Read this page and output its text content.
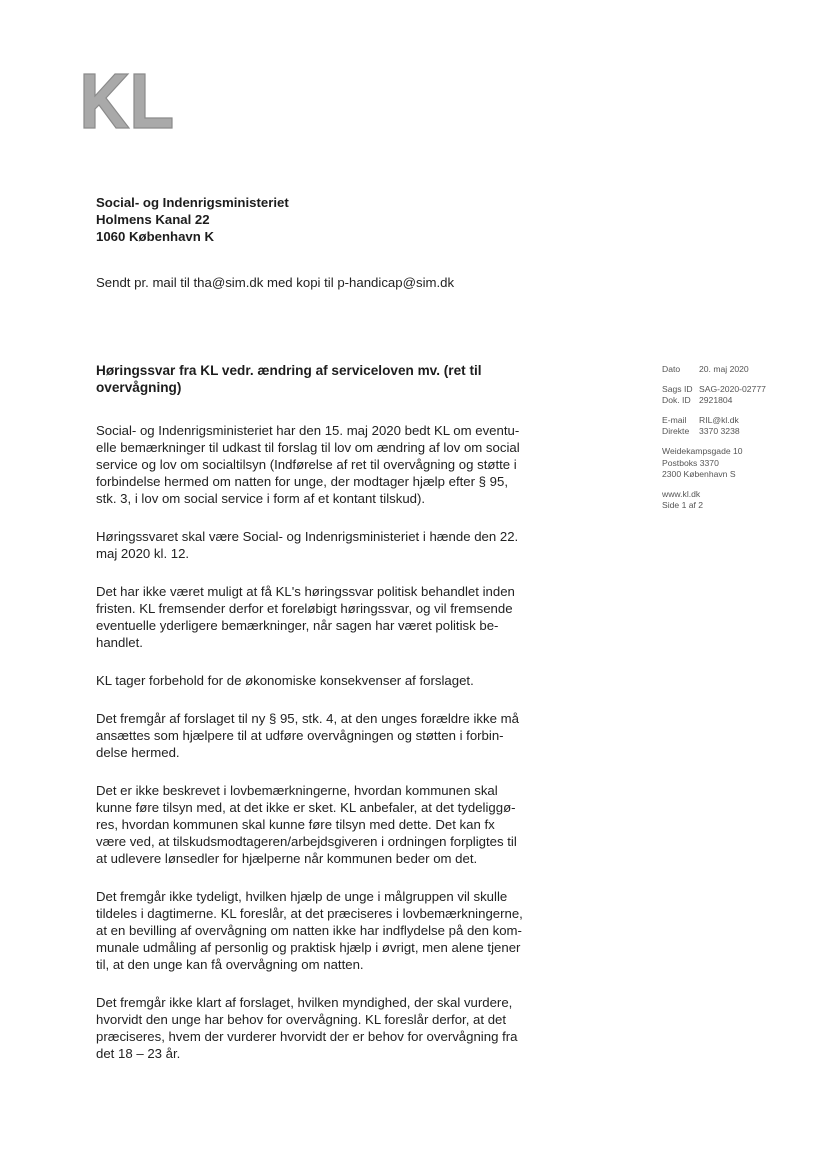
Social- og Indenrigsministeriet
Holmens Kanal 22
1060 København K
Sendt pr. mail til tha@sim.dk med kopi til p-handicap@sim.dk
Høringssvar fra KL vedr. ændring af serviceloven mv. (ret til
overvågning)
Dato 20. maj 2020
Sags ID SAG-2020-02777
Dok. ID 2921804
E-mail RIL@kl.dk
Direkte 3370 3238
Weidekampsgade 10
Postboks 3370
2300 København S
www.kl.dk
Side 1 af 2

Social- og Indenrigsministeriet har den 15. maj 2020 bedt KL om eventu-
elle bemærkninger til udkast til forslag til lov om ændring af lov om social
service og lov om socialtilsyn (Indførelse af ret til overvågning og støtte i
forbindelse hermed om natten for unge, der modtager hjælp efter § 95,
stk. 3, i lov om social service i form af et kontant tilskud).

Høringssvaret skal være Social- og Indenrigsministeriet i hænde den 22.
maj 2020 kl. 12.

Det har ikke været muligt at få KL's høringssvar politisk behandlet inden
fristen. KL fremsender derfor et foreløbigt høringssvar, og vil fremsende
eventuelle yderligere bemærkninger, når sagen har været politisk be-
handlet.

KL tager forbehold for de økonomiske konsekvenser af forslaget.

Det fremgår af forslaget til ny § 95, stk. 4, at den unges forældre ikke må
ansættes som hjælpere til at udføre overvågningen og støtten i forbin-
delse hermed.

Det er ikke beskrevet i lovbemærkningerne, hvordan kommunen skal
kunne føre tilsyn med, at det ikke er sket. KL anbefaler, at det tydeliggø-
res, hvordan kommunen skal kunne føre tilsyn med dette. Det kan fx
være ved, at tilskudsmodtageren/arbejdsgiveren i ordningen forpligtes til
at udlevere lønsedler for hjælperne når kommunen beder om det.

Det fremgår ikke tydeligt, hvilken hjælp de unge i målgruppen vil skulle
tildeles i dagtimerne. KL foreslår, at det præciseres i lovbemærkningerne,
at en bevilling af overvågning om natten ikke har indflydelse på den kom-
munale udmåling af personlig og praktisk hjælp i øvrigt, men alene tjener
til, at den unge kan få overvågning om natten.

Det fremgår ikke klart af forslaget, hvilken myndighed, der skal vurdere,
hvorvidt den unge har behov for overvågning. KL foreslår derfor, at det
præciseres, hvem der vurderer hvorvidt der er behov for overvågning fra
det 18 – 23 år.
